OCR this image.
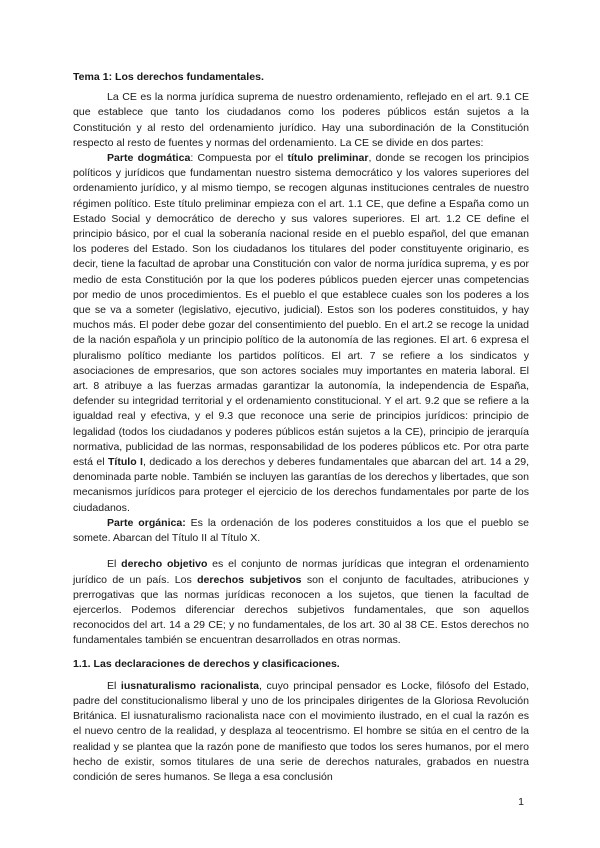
Tema 1: Los derechos fundamentales.

La CE es la norma jurídica suprema de nuestro ordenamiento, reflejado en el art. 9.1 CE que establece que tanto los ciudadanos como los poderes públicos están sujetos a la Constitución y al resto del ordenamiento jurídico. Hay una subordinación de la Constitución respecto al resto de fuentes y normas del ordenamiento. La CE se divide en dos partes:

Parte dogmática: Compuesta por el título preliminar, donde se recogen los principios políticos y jurídicos que fundamentan nuestro sistema democrático y los valores superiores del ordenamiento jurídico, y al mismo tiempo, se recogen algunas instituciones centrales de nuestro régimen político. Este título preliminar empieza con el art. 1.1 CE, que define a España como un Estado Social y democrático de derecho y sus valores superiores. El art. 1.2 CE define el principio básico, por el cual la soberanía nacional reside en el pueblo español, del que emanan los poderes del Estado. Son los ciudadanos los titulares del poder constituyente originario, es decir, tiene la facultad de aprobar una Constitución con valor de norma jurídica suprema, y es por medio de esta Constitución por la que los poderes públicos pueden ejercer unas competencias por medio de unos procedimientos. Es el pueblo el que establece cuales son los poderes a los que se va a someter (legislativo, ejecutivo, judicial). Estos son los poderes constituidos, y hay muchos más. El poder debe gozar del consentimiento del pueblo. En el art.2 se recoge la unidad de la nación española y un principio político de la autonomía de las regiones. El art. 6 expresa el pluralismo político mediante los partidos políticos. El art. 7 se refiere a los sindicatos y asociaciones de empresarios, que son actores sociales muy importantes en materia laboral. El art. 8 atribuye a las fuerzas armadas garantizar la autonomía, la independencia de España, defender su integridad territorial y el ordenamiento constitucional. Y el art. 9.2 que se refiere a la igualdad real y efectiva, y el 9.3 que reconoce una serie de principios jurídicos: principio de legalidad (todos los ciudadanos y poderes públicos están sujetos a la CE), principio de jerarquía normativa, publicidad de las normas, responsabilidad de los poderes públicos etc. Por otra parte está el Título I, dedicado a los derechos y deberes fundamentales que abarcan del art. 14 a 29, denominada parte noble. También se incluyen las garantías de los derechos y libertades, que son mecanismos jurídicos para proteger el ejercicio de los derechos fundamentales por parte de los ciudadanos.

Parte orgánica: Es la ordenación de los poderes constituidos a los que el pueblo se somete. Abarcan del Título II al Título X.

El derecho objetivo es el conjunto de normas jurídicas que integran el ordenamiento jurídico de un país. Los derechos subjetivos son el conjunto de facultades, atribuciones y prerrogativas que las normas jurídicas reconocen a los sujetos, que tienen la facultad de ejercerlos. Podemos diferenciar derechos subjetivos fundamentales, que son aquellos reconocidos del art. 14 a 29 CE; y no fundamentales, de los art. 30 al 38 CE. Estos derechos no fundamentales también se encuentran desarrollados en otras normas.

1.1. Las declaraciones de derechos y clasificaciones.

El iusnaturalismo racionalista, cuyo principal pensador es Locke, filósofo del Estado, padre del constitucionalismo liberal y uno de los principales dirigentes de la Gloriosa Revolución Británica. El iusnaturalismo racionalista nace con el movimiento ilustrado, en el cual la razón es el nuevo centro de la realidad, y desplaza al teocentrismo. El hombre se sitúa en el centro de la realidad y se plantea que la razón pone de manifiesto que todos los seres humanos, por el mero hecho de existir, somos titulares de una serie de derechos naturales, grabados en nuestra condición de seres humanos. Se llega a esa conclusión

1
